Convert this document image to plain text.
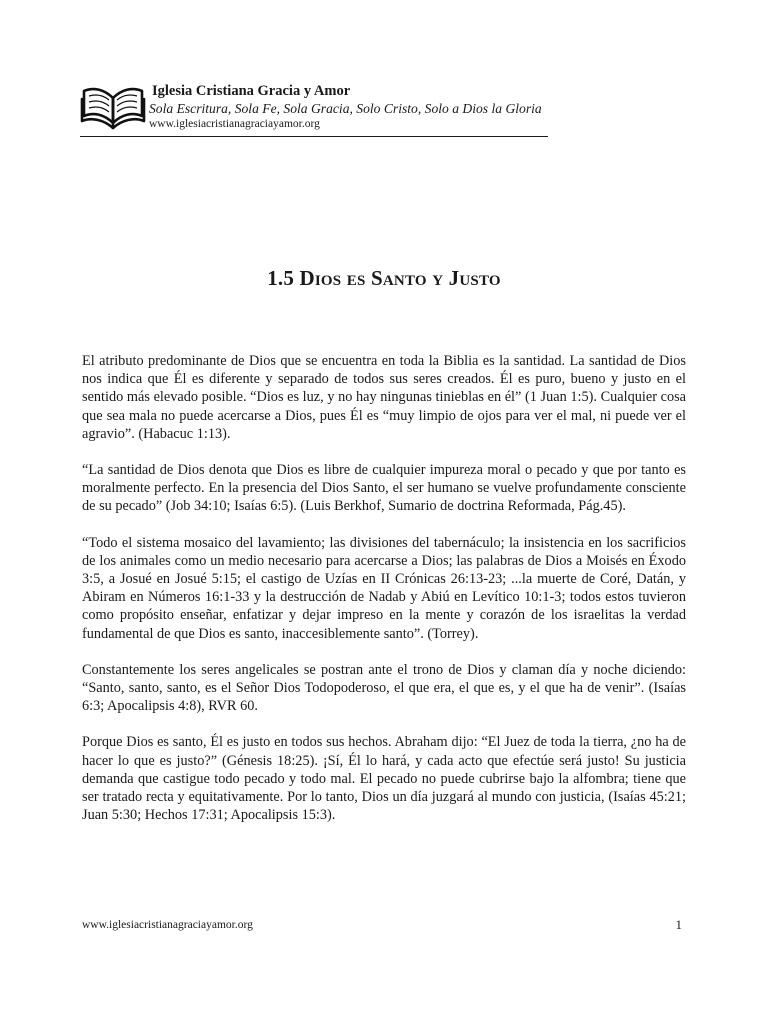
Iglesia Cristiana Gracia y Amor
Sola Escritura, Sola Fe, Sola Gracia, Solo Cristo, Solo a Dios la Gloria
www.iglesiacristianagraciayamor.org
1.5 Dios es Santo y Justo

El atributo predominante de Dios que se encuentra en toda la Biblia es la santidad. La santidad de Dios nos indica que Él es diferente y separado de todos sus seres creados. Él es puro, bueno y justo en el sentido más elevado posible. “Dios es luz, y no hay ningunas tinieblas en él” (1 Juan 1:5). Cualquier cosa que sea mala no puede acercarse a Dios, pues Él es “muy limpio de ojos para ver el mal, ni puede ver el agravio”. (Habacuc 1:13).

“La santidad de Dios denota que Dios es libre de cualquier impureza moral o pecado y que por tanto es moralmente perfecto. En la presencia del Dios Santo, el ser humano se vuelve profundamente consciente de su pecado” (Job 34:10; Isaías 6:5). (Luis Berkhof, Sumario de doctrina Reformada, Pág.45).

“Todo el sistema mosaico del lavamiento; las divisiones del tabernáculo; la insistencia en los sacrificios de los animales como un medio necesario para acercarse a Dios; las palabras de Dios a Moisés en Éxodo 3:5, a Josué en Josué 5:15; el castigo de Uzías en II Crónicas 26:13-23; ...la muerte de Coré, Datán, y Abiram en Números 16:1-33 y la destrucción de Nadab y Abiú en Levítico 10:1-3; todos estos tuvieron como propósito enseñar, enfatizar y dejar impreso en la mente y corazón de los israelitas la verdad fundamental de que Dios es santo, inaccesiblemente santo”. (Torrey).

Constantemente los seres angelicales se postran ante el trono de Dios y claman día y noche diciendo: “Santo, santo, santo, es el Señor Dios Todopoderoso, el que era, el que es, y el que ha de venir”. (Isaías 6:3; Apocalipsis 4:8), RVR 60.

Porque Dios es santo, Él es justo en todos sus hechos. Abraham dijo: “El Juez de toda la tierra, ¿no ha de hacer lo que es justo?” (Génesis 18:25). ¡Sí, Él lo hará, y cada acto que efectúe será justo! Su justicia demanda que castigue todo pecado y todo mal. El pecado no puede cubrirse bajo la alfombra; tiene que ser tratado recta y equitativamente. Por lo tanto, Dios un día juzgará al mundo con justicia, (Isaías 45:21; Juan 5:30; Hechos 17:31; Apocalipsis 15:3).

www.iglesiacristianagraciayamor.org	1
